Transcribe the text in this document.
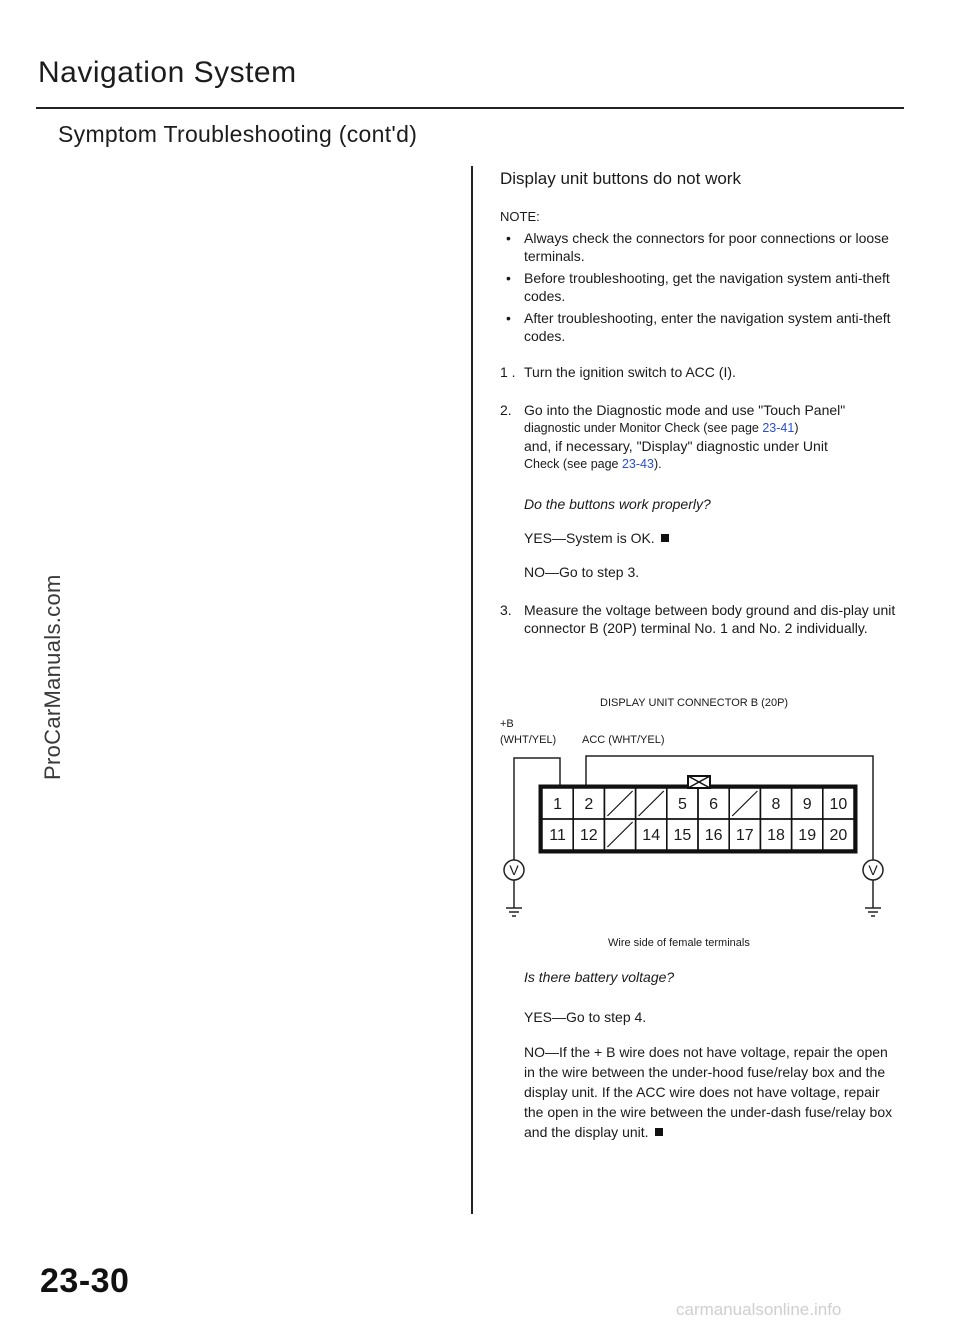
Navigation System
Symptom Troubleshooting (cont'd)
ProCarManuals.com
Display unit buttons do not work
NOTE:
• Always check the connectors for poor connections or loose terminals.
• Before troubleshooting, get the navigation system anti-theft codes.
• After troubleshooting, enter the navigation system anti-theft codes.
1 . Turn the ignition switch to ACC (I).
2. Go into the Diagnostic mode and use "Touch Panel"
diagnostic under Monitor Check (see page 23-41)
and, if necessary, "Display" diagnostic under Unit
Check (see page 23-43).
Do the buttons work properly?
YES—System is OK.
NO—Go to step 3.
3. Measure the voltage between body ground and dis-play unit connector B (20P) terminal No. 1 and No. 2 individually.
DISPLAY UNIT CONNECTOR B (20P)
+B
(WHT/YEL) ACC (WHT/YEL)
1 2	5 6	8 9 10
11 12	14 15 16 17 18 19 20
V	V
Wire side of female terminals
Is there battery voltage?
YES—Go to step 4.
NO—If the + B wire does not have voltage, repair the open in the wire between the under-hood fuse/relay box and the display unit. If the ACC wire does not have voltage, repair the open in the wire between the under-dash fuse/relay box and the display unit.
23-30
carmanualsonline.info
